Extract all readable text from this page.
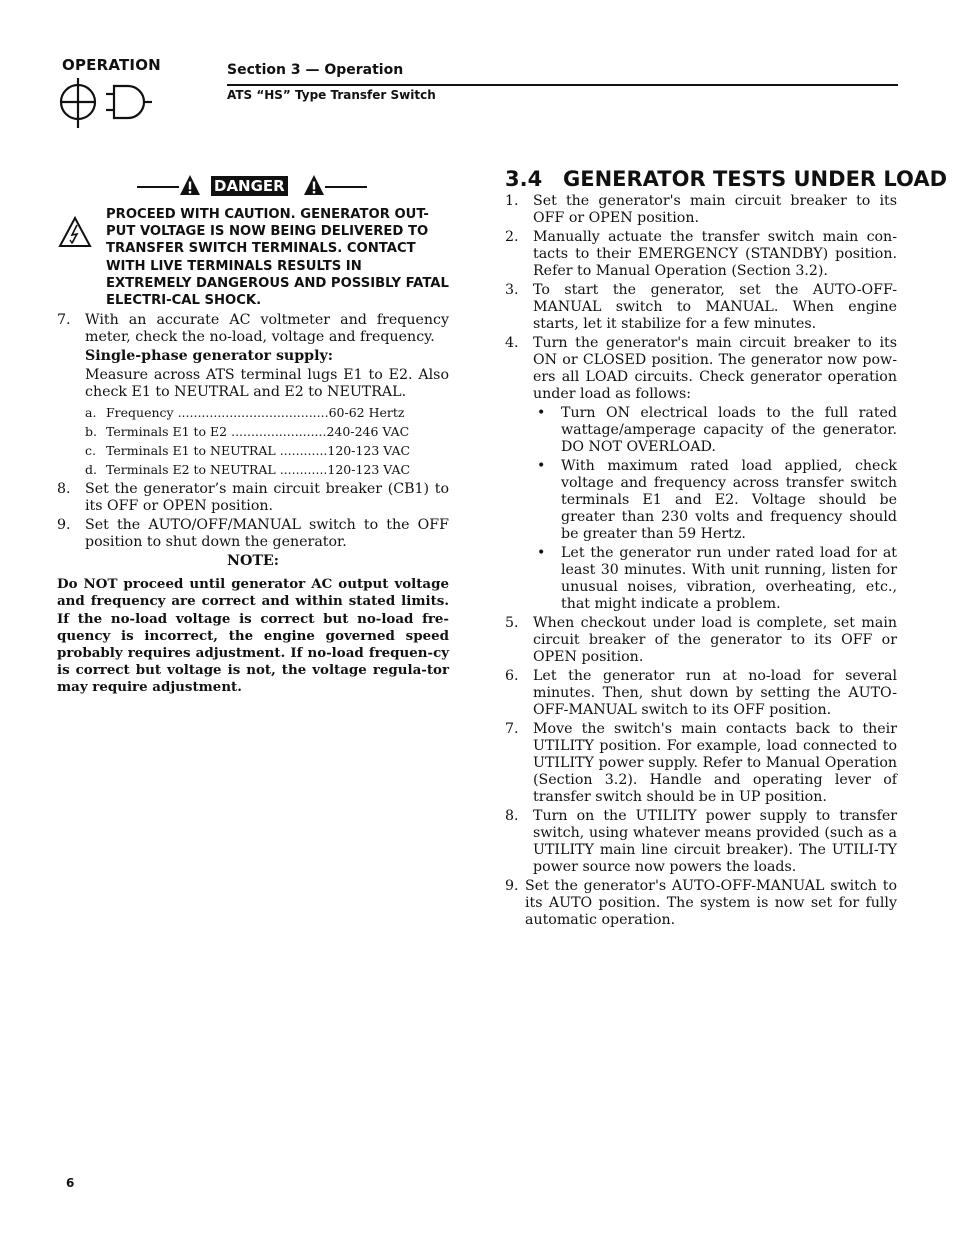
OPERATION	Section 3 — Operation
ATS “HS” Type Transfer Switch
DANGER
PROCEED WITH CAUTION. GENERATOR OUT-PUT VOLTAGE IS NOW BEING DELIVERED TO TRANSFER SWITCH TERMINALS. CONTACT WITH LIVE TERMINALS RESULTS IN EXTREMELY DANGEROUS AND POSSIBLY FATAL ELECTRI-CAL SHOCK.
7. With an accurate AC voltmeter and frequency meter, check the no-load, voltage and frequency.
Single-phase generator supply:
Measure across ATS terminal lugs E1 to E2. Also check E1 to NEUTRAL and E2 to NEUTRAL.
a. Frequency ......................................60-62 Hertz
b. Terminals E1 to E2 ........................240-246 VAC
c. Terminals E1 to NEUTRAL ............120-123 VAC
d. Terminals E2 to NEUTRAL ............120-123 VAC
8. Set the generator’s main circuit breaker (CB1) to its OFF or OPEN position.
9. Set the AUTO/OFF/MANUAL switch to the OFF position to shut down the generator.
NOTE:
Do NOT proceed until generator AC output voltage and frequency are correct and within stated limits. If the no-load voltage is correct but no-load fre-quency is incorrect, the engine governed speed probably requires adjustment. If no-load frequen-cy is correct but voltage is not, the voltage regula-tor may require adjustment.
3.4 GENERATOR TESTS UNDER LOAD
1. Set the generator's main circuit breaker to its OFF or OPEN position.
2. Manually actuate the transfer switch main con-tacts to their EMERGENCY (STANDBY) position. Refer to Manual Operation (Section 3.2).
3. To start the generator, set the AUTO-OFF-MANUAL switch to MANUAL. When engine starts, let it stabilize for a few minutes.
4. Turn the generator's main circuit breaker to its ON or CLOSED position. The generator now pow-ers all LOAD circuits. Check generator operation under load as follows:
• Turn ON electrical loads to the full rated wattage/amperage capacity of the generator. DO NOT OVERLOAD.
• With maximum rated load applied, check voltage and frequency across transfer switch terminals E1 and E2. Voltage should be greater than 230 volts and frequency should be greater than 59 Hertz.
• Let the generator run under rated load for at least 30 minutes. With unit running, listen for unusual noises, vibration, overheating, etc., that might indicate a problem.
5. When checkout under load is complete, set main circuit breaker of the generator to its OFF or OPEN position.
6. Let the generator run at no-load for several minutes. Then, shut down by setting the AUTO-OFF-MANUAL switch to its OFF position.
7. Move the switch's main contacts back to their UTILITY position. For example, load connected to UTILITY power supply. Refer to Manual Operation (Section 3.2). Handle and operating lever of transfer switch should be in UP position.
8. Turn on the UTILITY power supply to transfer switch, using whatever means provided (such as a UTILITY main line circuit breaker). The UTILI-TY power source now powers the loads.
9. Set the generator's AUTO-OFF-MANUAL switch to its AUTO position. The system is now set for fully automatic operation.
6
